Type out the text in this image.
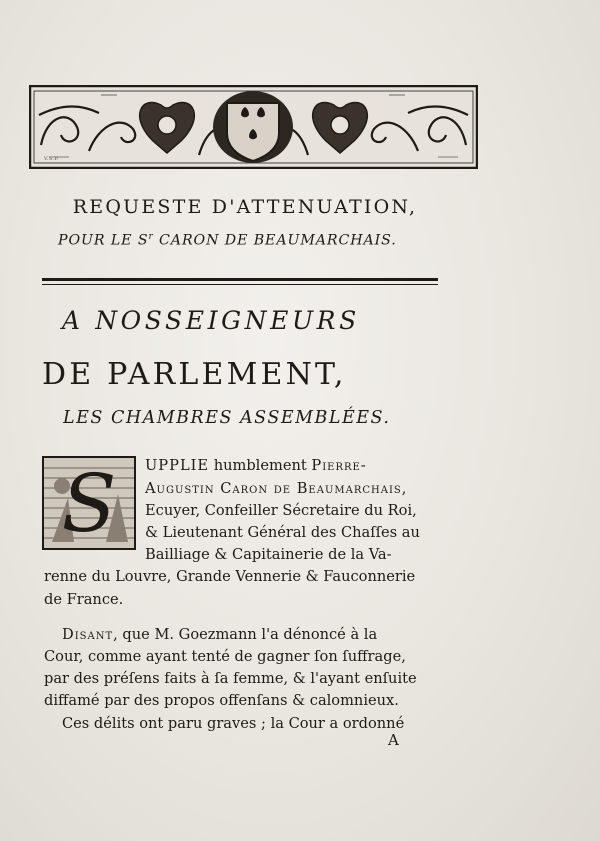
V.S.P.
REQUESTE D'ATTENUATION,
POUR LE $S^r$ CARON DE BEAUMARCHAIS.
A NOSSEIGNEURS
DE PARLEMENT,
LES CHAMBRES ASSEMBLÉES.
S	UPPLIE humblement Pierre-
Augustin Caron de Beaumarchais,
Ecuyer, Confeiller Sécretaire du Roi,
& Lieutenant Général des Chaſſes au
Bailliage & Capitainerie de la Va-
renne du Louvre, Grande Vennerie & Fauconnerie
de France.
Disant, que M. Goezmann l'a dénoncé à la
Cour, comme ayant tenté de gagner ſon ſuffrage,
par des préſens faits à ſa femme, & l'ayant enſuite
diffamé par des propos offenſans & calomnieux.
Ces délits ont paru graves ; la Cour a ordonné
A
